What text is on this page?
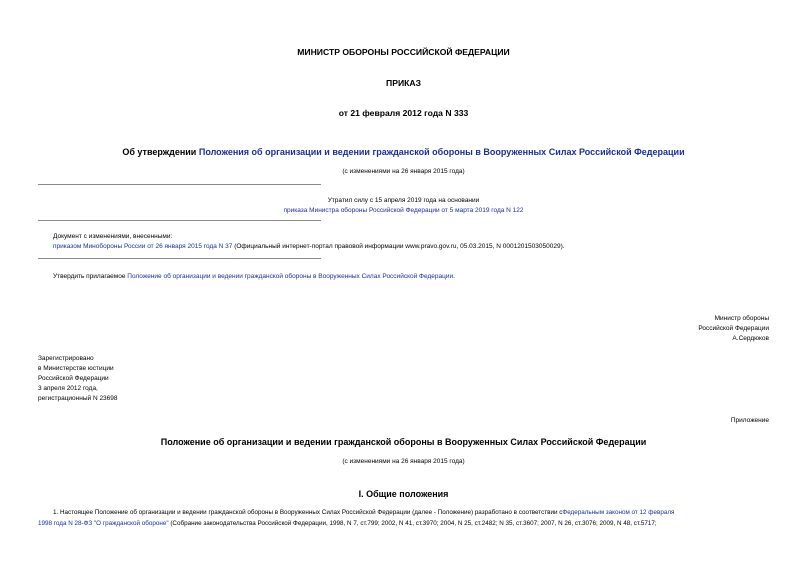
МИНИСТР ОБОРОНЫ РОССИЙСКОЙ ФЕДЕРАЦИИ
ПРИКАЗ
от 21 февраля 2012 года N 333
Об утверждении Положения об организации и ведении гражданской обороны в Вооруженных Силах Российской Федерации
(с изменениями на 26 января 2015 года)
Утратил силу с 15 апреля 2019 года на основании
приказа Министра обороны Российской Федерации от 5 марта 2019 года N 122
Документ с изменениями, внесенными:
приказом Минобороны России от 26 января 2015 года N 37 (Официальный интернет-портал правовой информации www.pravo.gov.ru, 05.03.2015, N 0001201503050029).
Утвердить прилагаемое Положение об организации и ведении гражданской обороны в Вооруженных Силах Российской Федерации.
Министр обороны
Российской Федерации
А.Сердюков
Зарегистрировано
в Министерстве юстиции
Российской Федерации
3 апреля 2012 года,
регистрационный N 23698
Приложение
Положение об организации и ведении гражданской обороны в Вооруженных Силах Российской Федерации
(с изменениями на 26 января 2015 года)
I. Общие положения
1. Настоящее Положение об организации и ведении гражданской обороны в Вооруженных Силах Российской Федерации (далее - Положение) разработано в соответствии сФедеральным законом от 12 февраля
1998 года N 28-ФЗ "О гражданской обороне" (Собрание законодательства Российской Федерации, 1998, N 7, ст.799; 2002, N 41, ст.3970; 2004, N 25, ст.2482; N 35, ст.3607; 2007, N 26, ст.3076; 2009, N 48, ст.5717;
